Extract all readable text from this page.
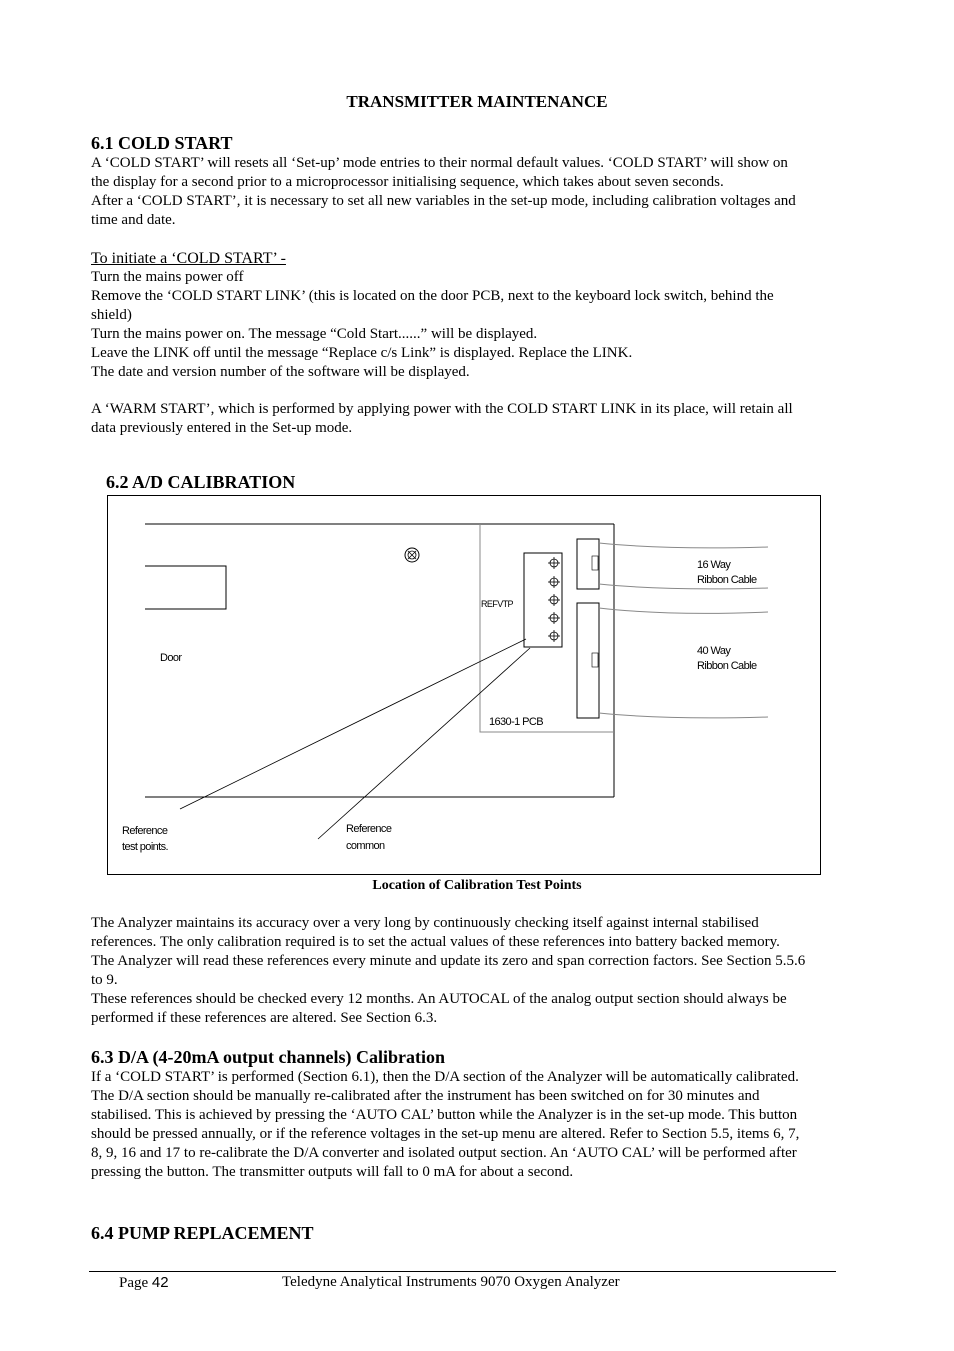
TRANSMITTER MAINTENANCE
6.1 COLD START
A ‘COLD START’ will resets all ‘Set-up’ mode entries to their normal default values. ‘COLD START’ will show on
the display for a second prior to a microprocessor initialising sequence, which takes about seven seconds.
After a ‘COLD START’, it is necessary to set all new variables in the set-up mode, including calibration voltages and
time and date.
To initiate a ‘COLD START’ -
Turn the mains power off
Remove the ‘COLD START LINK’ (this is located on the door PCB, next to the keyboard lock switch, behind the
shield)
Turn the mains power on. The message “Cold Start......” will be displayed.
Leave the LINK off until the message “Replace c/s Link” is displayed. Replace the LINK.
The date and version number of the software will be displayed.
A ‘WARM START’, which is performed by applying power with the COLD START LINK in its place, will retain all
data previously entered in the Set-up mode.
6.2 A/D CALIBRATION
REFVTP
Door
1630-1 PCB
16 Way
Ribbon Cable
40 Way
Ribbon Cable
Reference
test points.
Reference
common
Location of Calibration Test Points
The Analyzer maintains its accuracy over a very long by continuously checking itself against internal stabilised
references. The only calibration required is to set the actual values of these references into battery backed memory.
The Analyzer will read these references every minute and update its zero and span correction factors. See Section 5.5.6
to 9.
These references should be checked every 12 months. An AUTOCAL of the analog output section should always be
performed if these references are altered. See Section 6.3.
6.3 D/A (4-20mA output channels) Calibration
If a ‘COLD START’ is performed (Section 6.1), then the D/A section of the Analyzer will be automatically calibrated.
The D/A section should be manually re-calibrated after the instrument has been switched on for 30 minutes and
stabilised. This is achieved by pressing the ‘AUTO CAL’ button while the Analyzer is in the set-up mode. This button
should be pressed annually, or if the reference voltages in the set-up menu are altered. Refer to Section 5.5, items 6, 7,
8, 9, 16 and 17 to re-calibrate the D/A converter and isolated output section. An ‘AUTO CAL’ will be performed after
pressing the button. The transmitter outputs will fall to 0 mA for about a second.
6.4 PUMP REPLACEMENT
Page 42	Teledyne Analytical Instruments 9070 Oxygen Analyzer
